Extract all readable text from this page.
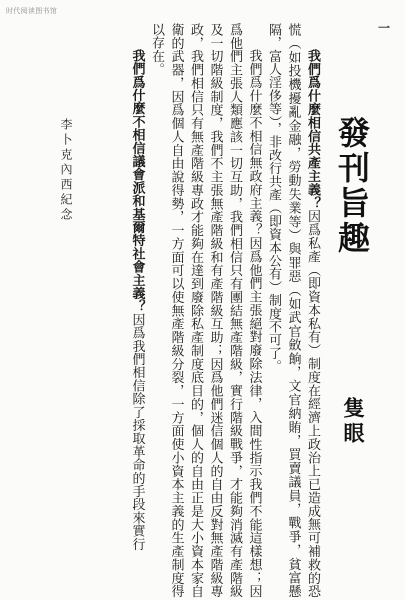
时代阅读图书馆
一
發刊旨趣
隻眼

我們爲什麼相信共產主義？因爲私產（即資本私有）制度在經濟上政治上已造成無可補救的恐慌（如投機擾亂金融，勞動失業等）與罪惡（如武官斂餉，文官納賄，買賣議員，戰爭，貧富懸隔，富人淫侈等），非改行共產（即資本公有）制度不可了。

我們爲什麼不相信無政府主義？因爲他們主張絕對廢除法律，入間性指示我們不能這樣想；因爲他們主張人類應該一切互助，我們相信只有團結無產階級，實行階級戰爭，才能夠消滅有產階級及一切階級制度，我們不主張無產階級和有產階級互助；因爲他們迷信個人的自由反對無產階級專政，我們相信只有無產階級專政才能夠在達到廢除私產制度底目的，個人的自由正是大小資本家自衛的武器，因爲個人自由說得勢，一方面可以使無產階級分裂，一方面使小資本主義的生產制度得以存在。

我們爲什麼不相信議會派和基爾特社會主義？因爲我們相信除了採取革命的手段來實行

李卜克內西紀念
